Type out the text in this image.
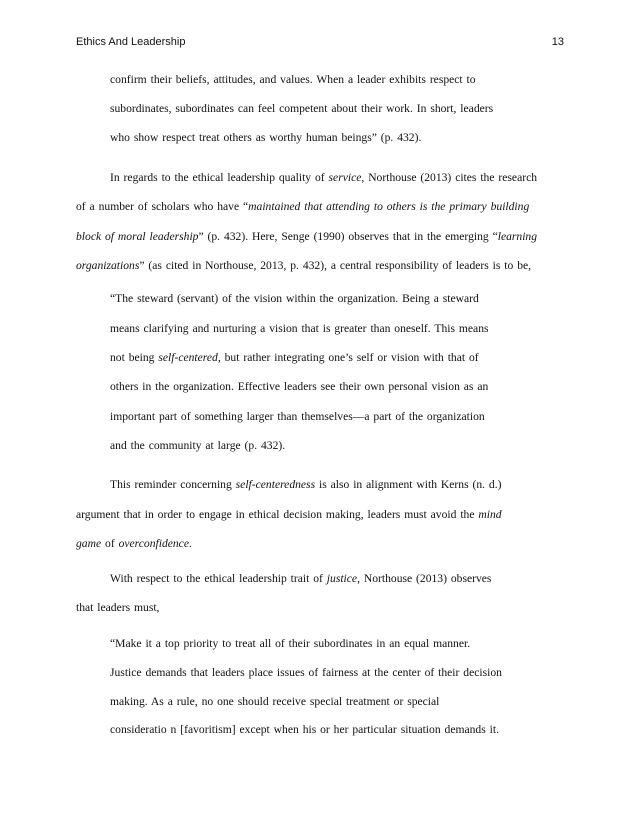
Ethics And Leadership	13
confirm their beliefs, attitudes, and values. When a leader exhibits respect to
subordinates, subordinates can feel competent about their work. In short, leaders
who show respect treat others as worthy human beings” (p. 432).
In regards to the ethical leadership quality of service, Northouse (2013) cites the research
of a number of scholars who have “maintained that attending to others is the primary building
block of moral leadership” (p. 432). Here, Senge (1990) observes that in the emerging “learning
organizations” (as cited in Northouse, 2013, p. 432), a central responsibility of leaders is to be,
“The steward (servant) of the vision within the organization. Being a steward
means clarifying and nurturing a vision that is greater than oneself. This means
not being self-centered, but rather integrating one’s self or vision with that of
others in the organization. Effective leaders see their own personal vision as an
important part of something larger than themselves—a part of the organization
and the community at large (p. 432).
This reminder concerning self-centeredness is also in alignment with Kerns (n. d.)
argument that in order to engage in ethical decision making, leaders must avoid the mind
game of overconfidence.
With respect to the ethical leadership trait of justice, Northouse (2013) observes
that leaders must,
“Make it a top priority to treat all of their subordinates in an equal manner.
Justice demands that leaders place issues of fairness at the center of their decision
making. As a rule, no one should receive special treatment or special
consideratio n [favoritism] except when his or her particular situation demands it.
